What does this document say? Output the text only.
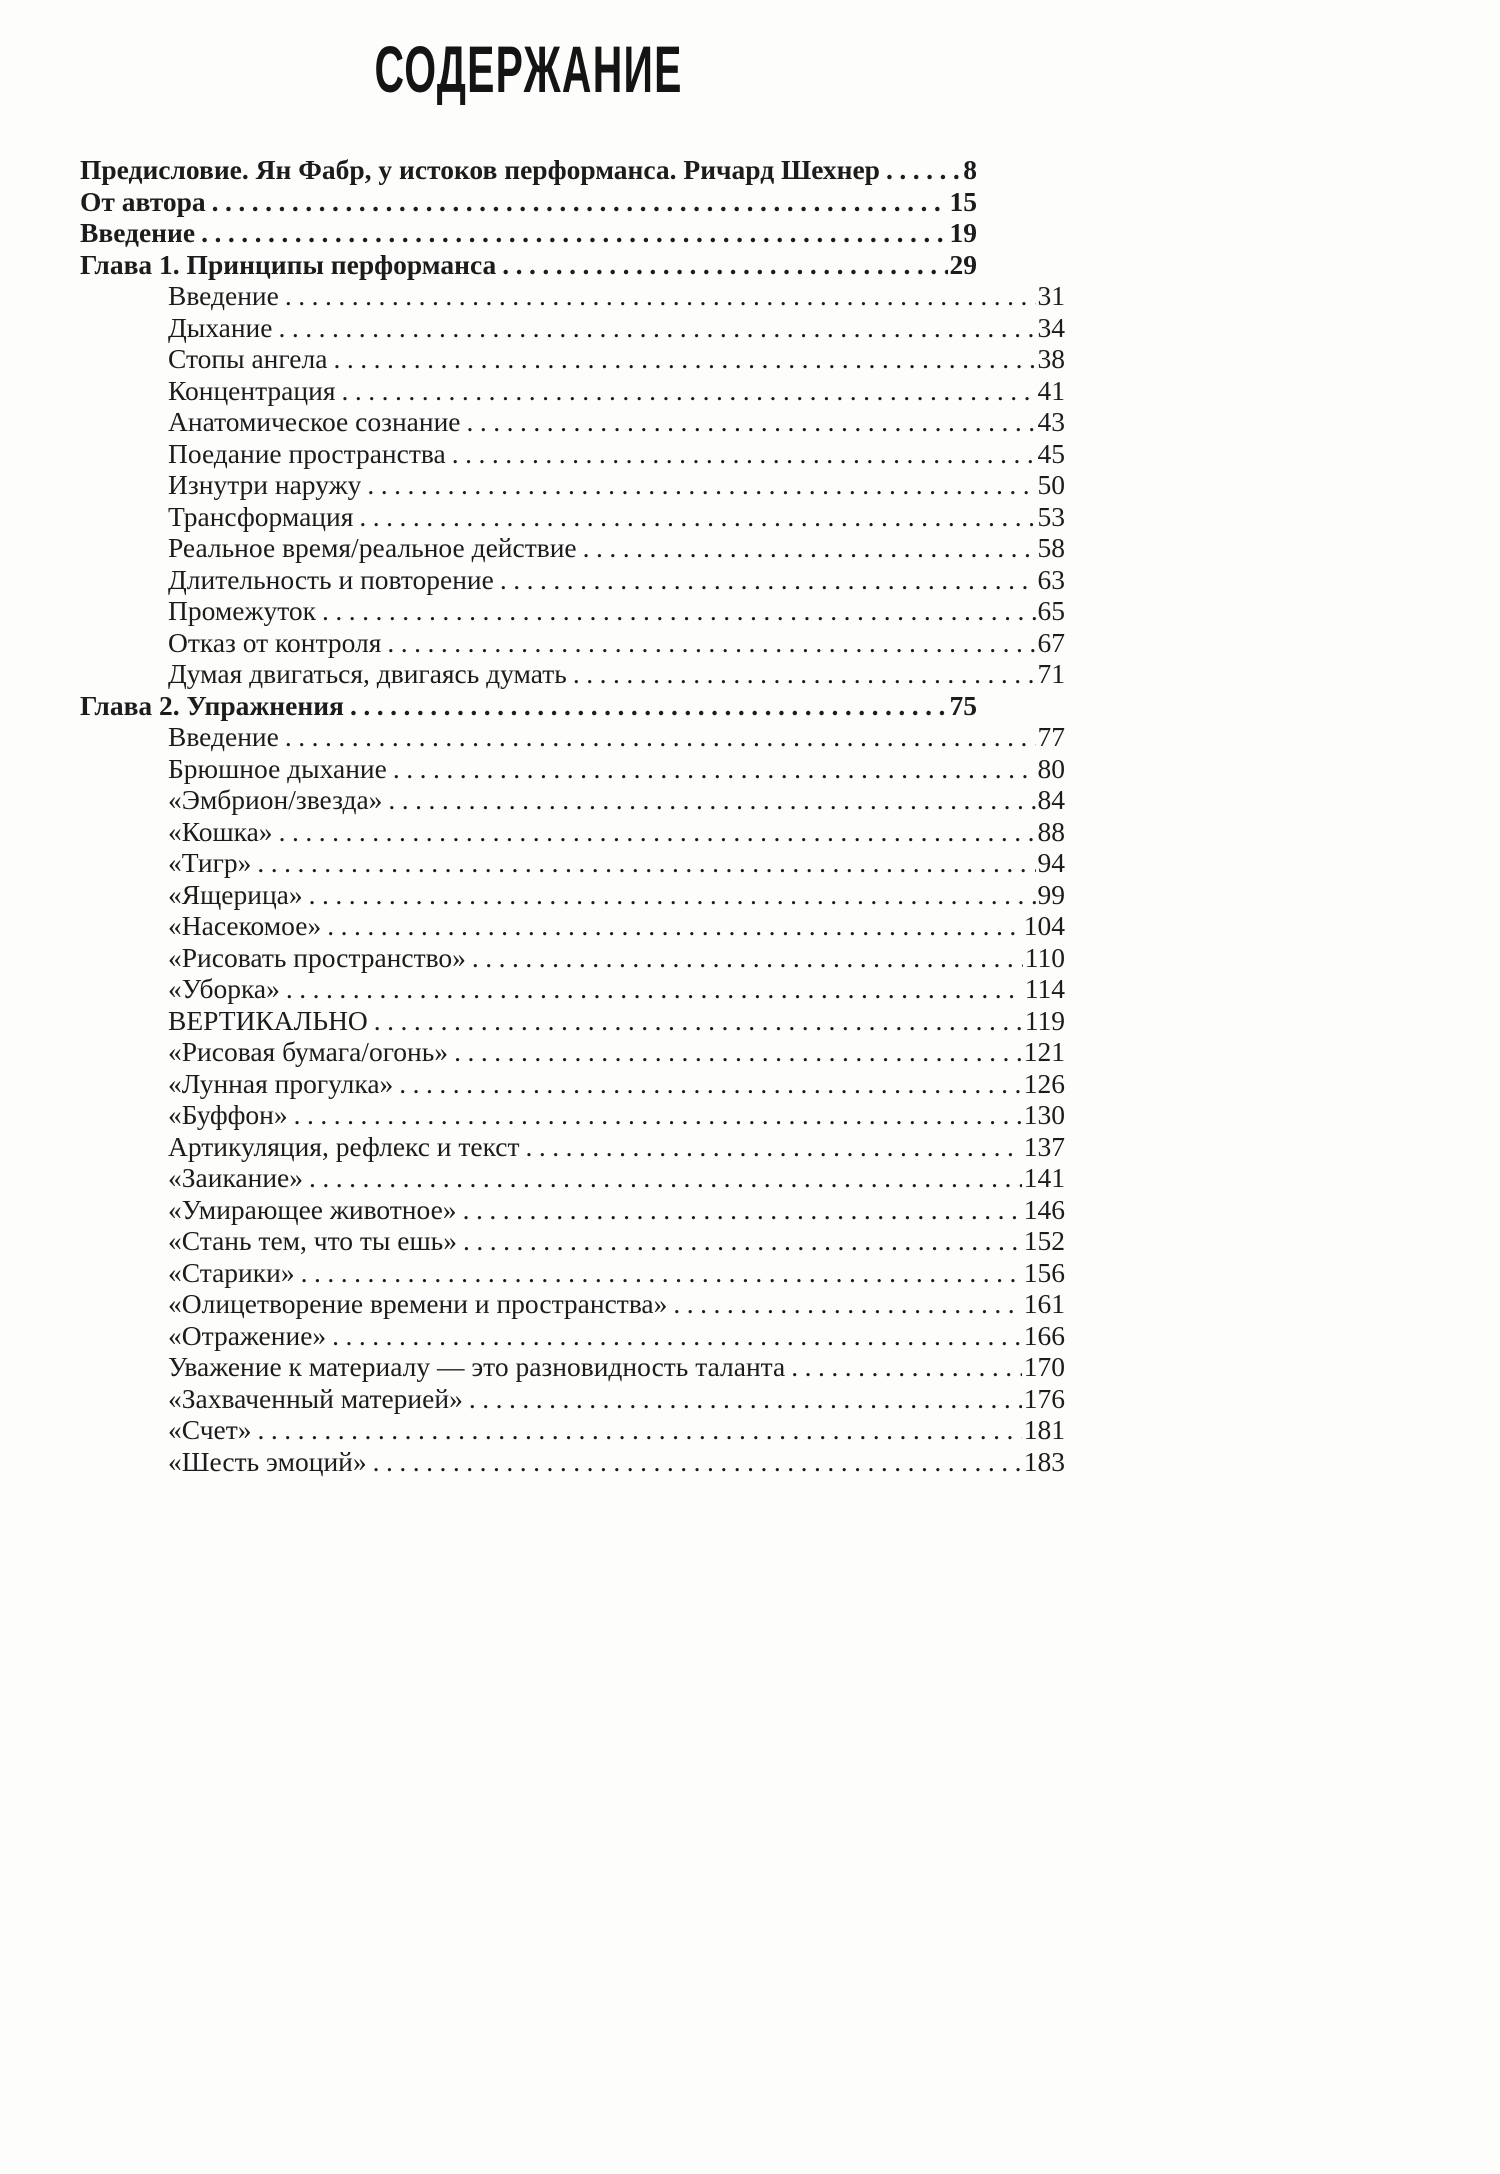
СОДЕРЖАНИЕ
Предисловие. Ян Фабр, у истоков перформанса. Ричард Шехнер .....	8
От автора .....	15
Введение .....	19
Глава 1. Принципы перформанса .....	29
Введение .....	31
Дыхание .....	34
Стопы ангела .....	38
Концентрация .....	41
Анатомическое сознание .....	43
Поедание пространства .....	45
Изнутри наружу .....	50
Трансформация .....	53
Реальное время/реальное действие .....	58
Длительность и повторение .....	63
Промежуток .....	65
Отказ от контроля .....	67
Думая двигаться, двигаясь думать .....	71
Глава 2. Упражнения .....	75
Введение .....	77
Брюшное дыхание .....	80
«Эмбрион/звезда» .....	84
«Кошка» .....	88
«Тигр» .....	94
«Ящерица» .....	99
«Насекомое» .....	104
«Рисовать пространство» .....	110
«Уборка» .....	114
ВЕРТИКАЛЬНО .....	119
«Рисовая бумага/огонь» .....	121
«Лунная прогулка» .....	126
«Буффон» .....	130
Артикуляция, рефлекс и текст .....	137
«Заикание» .....	141
«Умирающее животное» .....	146
«Стань тем, что ты ешь» .....	152
«Старики» .....	156
«Олицетворение времени и пространства» .....	161
«Отражение» .....	166
Уважение к материалу — это разновидность таланта .....	170
«Захваченный материей» .....	176
«Счет» .....	181
«Шесть эмоций» .....	183
